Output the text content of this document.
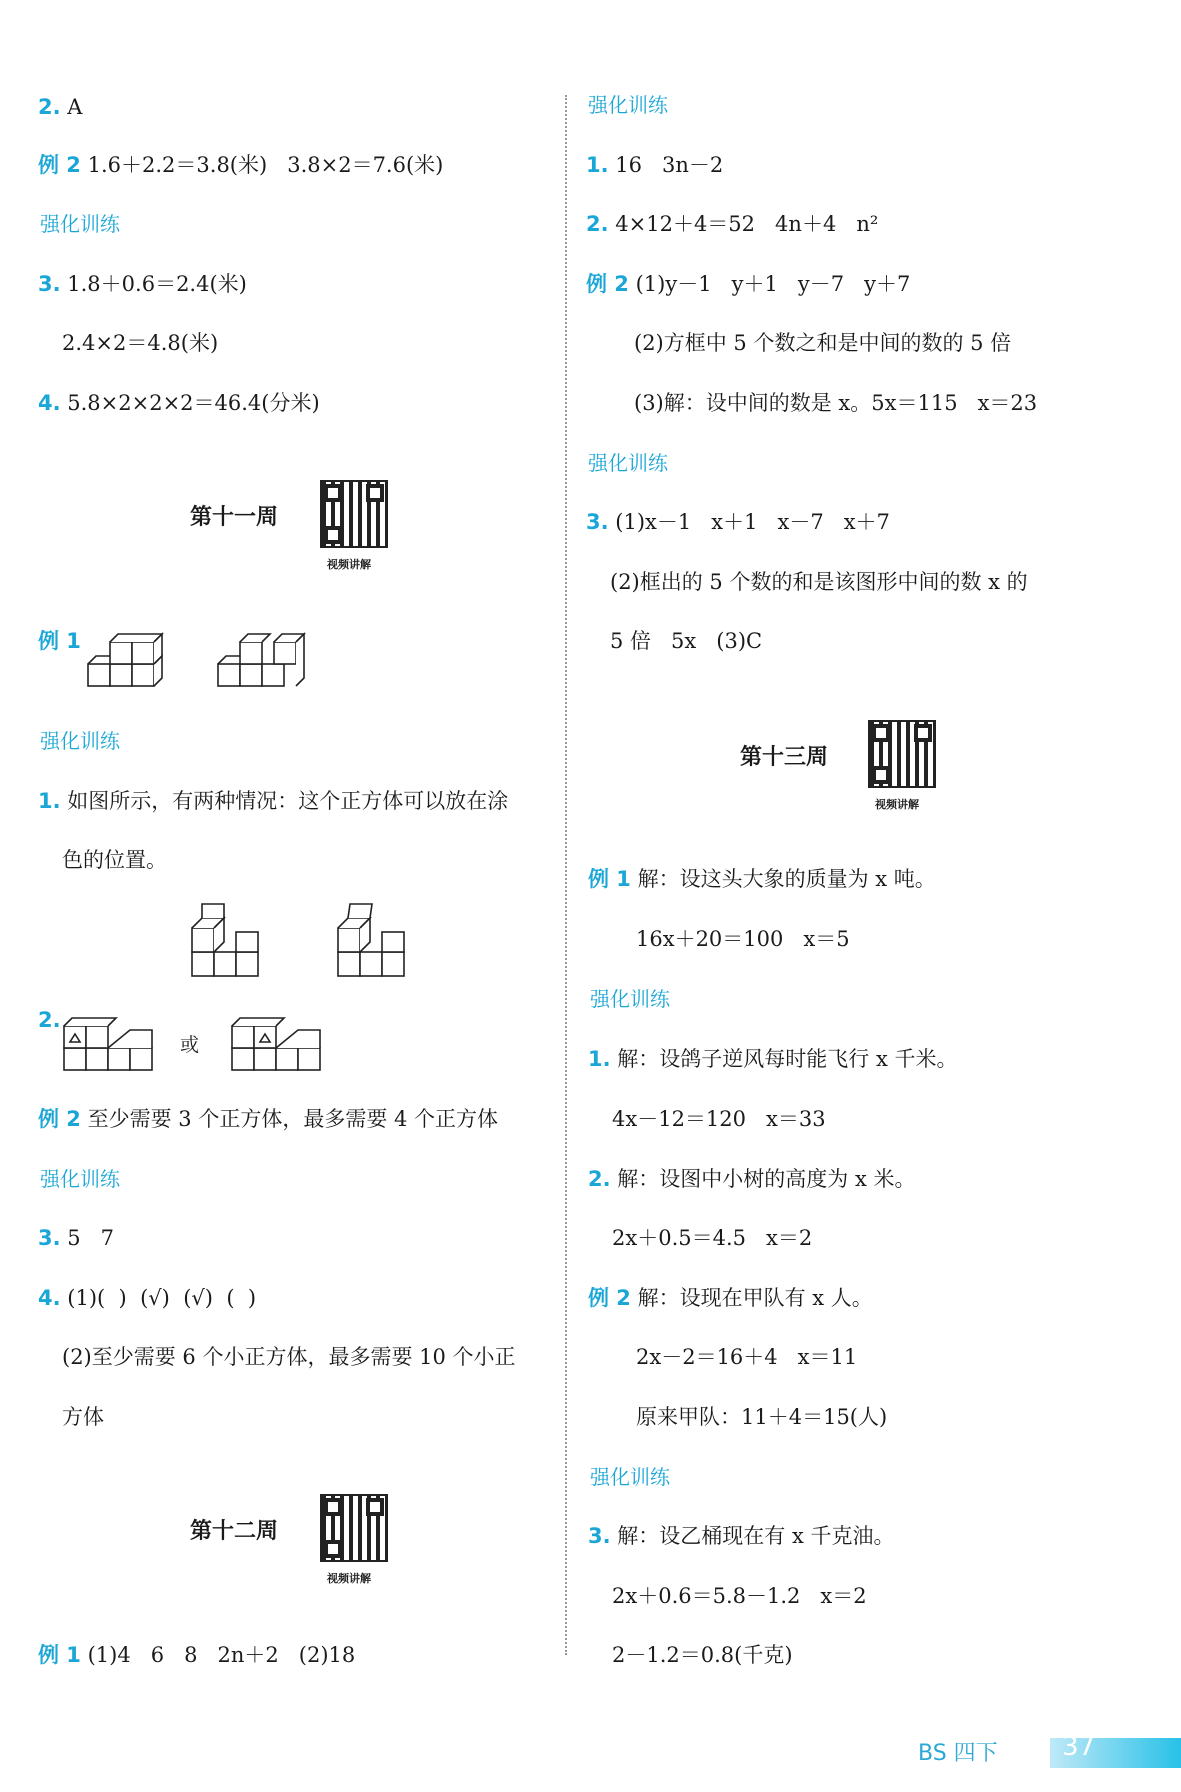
2. A
例 2 1.6＋2.2＝3.8(米)   3.8×2＝7.6(米)
强化训练
3. 1.8＋0.6＝2.4(米)
2.4×2＝4.8(米)
4. 5.8×2×2×2＝46.4(分米)
第十一周
视频讲解
例 1
强化训练
1. 如图所示，有两种情况：这个正方体可以放在涂
色的位置。
2.
或
例 2 至少需要 3 个正方体，最多需要 4 个正方体
强化训练
3. 5   7
4. (1)(  )  (√)  (√)  (  )
(2)至少需要 6 个小正方体，最多需要 10 个小正
方体
第十二周
视频讲解
例 1 (1)4   6   8   2n＋2   (2)18
强化训练
1. 16   3n－2
2. 4×12＋4＝52   4n＋4   n²
例 2 (1)y－1   y＋1   y－7   y＋7
(2)方框中 5 个数之和是中间的数的 5 倍
(3)解：设中间的数是 x。5x＝115   x＝23
强化训练
3. (1)x－1   x＋1   x－7   x＋7
(2)框出的 5 个数的和是该图形中间的数 x 的
5 倍   5x   (3)C
第十三周
视频讲解
例 1 解：设这头大象的质量为 x 吨。
16x＋20＝100   x＝5
强化训练
1. 解：设鸽子逆风每时能飞行 x 千米。
4x－12＝120   x＝33
2. 解：设图中小树的高度为 x 米。
2x＋0.5＝4.5   x＝2
例 2 解：设现在甲队有 x 人。
2x－2＝16＋4   x＝11
原来甲队：11＋4＝15(人)
强化训练
3. 解：设乙桶现在有 x 千克油。
2x＋0.6＝5.8－1.2   x＝2
2－1.2＝0.8(千克)
BS 四下 37
